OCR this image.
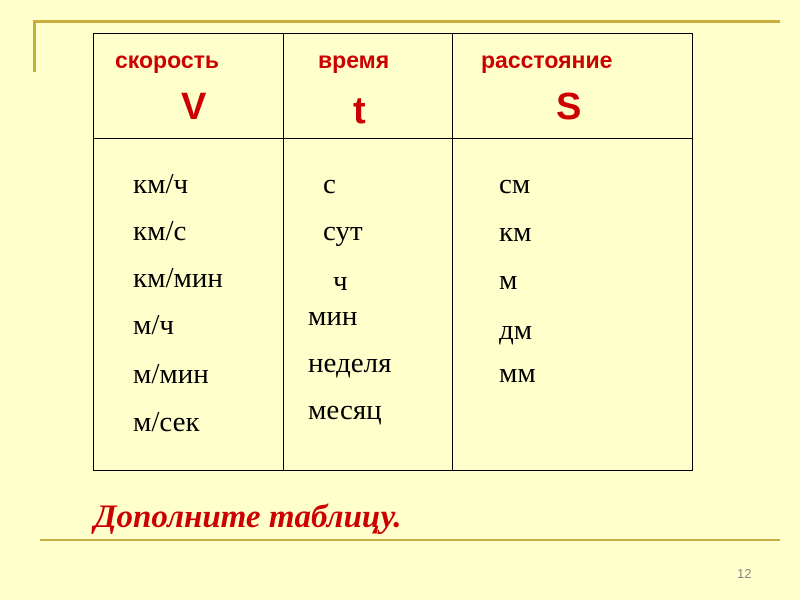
скорость
V
время
t
расстояние
S
км/ч
км/с
км/мин
м/ч
м/мин
м/сек
с
сут
ч
мин
неделя
месяц
см
км
м
дм
мм
Дополните таблицу.
12
